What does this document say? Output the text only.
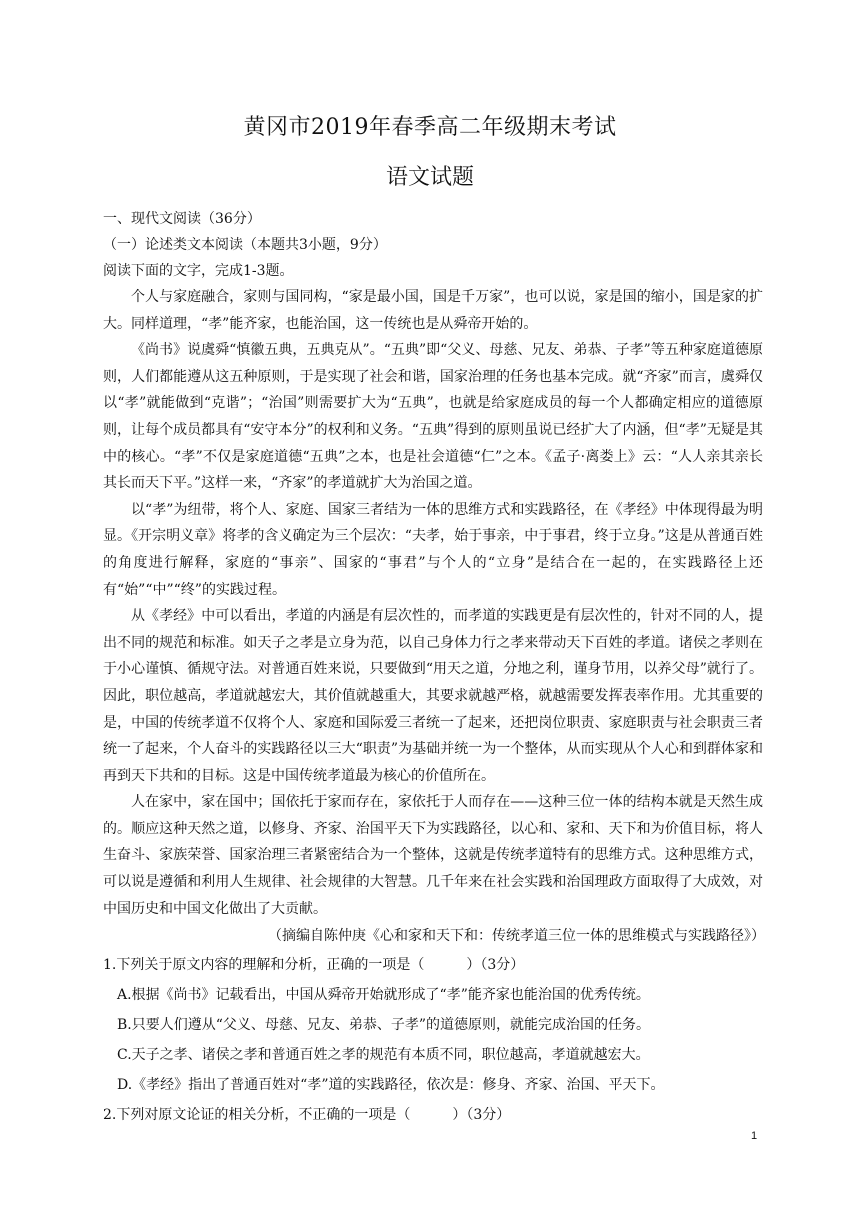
黄冈市2019年春季高二年级期末考试
语文试题
一、现代文阅读（36分）
（一）论述类文本阅读（本题共3小题，9分）
阅读下面的文字，完成1-3题。

个人与家庭融合，家则与国同构，“家是最小国，国是千万家”，也可以说，家是国的缩小，国是家的扩大。同样道理，“孝”能齐家，也能治国，这一传统也是从舜帝开始的。

《尚书》说虞舜“慎徽五典，五典克从”。“五典”即“父义、母慈、兄友、弟恭、子孝”等五种家庭道德原则，人们都能遵从这五种原则，于是实现了社会和谐，国家治理的任务也基本完成。就“齐家”而言，虞舜仅以“孝”就能做到“克谐”；“治国”则需要扩大为“五典”，也就是给家庭成员的每一个人都确定相应的道德原则，让每个成员都具有“安守本分”的权利和义务。“五典”得到的原则虽说已经扩大了内涵，但“孝”无疑是其中的核心。“孝”不仅是家庭道德“五典”之本，也是社会道德“仁”之本。《孟子·离娄上》云：“人人亲其亲长其长而天下平。”这样一来，“齐家”的孝道就扩大为治国之道。

以“孝”为纽带，将个人、家庭、国家三者结为一体的思维方式和实践路径，在《孝经》中体现得最为明显。《开宗明义章》将孝的含义确定为三个层次：“夫孝，始于事亲，中于事君，终于立身。”这是从普通百姓的角度进行解释，家庭的“事亲”、国家的“事君”与个人的“立身”是结合在一起的，在实践路径上还有“始”“中”“终”的实践过程。

从《孝经》中可以看出，孝道的内涵是有层次性的，而孝道的实践更是有层次性的，针对不同的人，提出不同的规范和标准。如天子之孝是立身为范，以自己身体力行之孝来带动天下百姓的孝道。诸侯之孝则在于小心谨慎、循规守法。对普通百姓来说，只要做到“用天之道，分地之利，谨身节用，以养父母”就行了。因此，职位越高，孝道就越宏大，其价值就越重大，其要求就越严格，就越需要发挥表率作用。尤其重要的是，中国的传统孝道不仅将个人、家庭和国际爱三者统一了起来，还把岗位职责、家庭职责与社会职责三者统一了起来，个人奋斗的实践路径以三大“职责”为基础并统一为一个整体，从而实现从个人心和到群体家和再到天下共和的目标。这是中国传统孝道最为核心的价值所在。

人在家中，家在国中；国依托于家而存在，家依托于人而存在——这种三位一体的结构本就是天然生成的。顺应这种天然之道，以修身、齐家、治国平天下为实践路径，以心和、家和、天下和为价值目标，将人生奋斗、家族荣誉、国家治理三者紧密结合为一个整体，这就是传统孝道特有的思维方式。这种思维方式，可以说是遵循和利用人生规律、社会规律的大智慧。几千年来在社会实践和治国理政方面取得了大成效，对中国历史和中国文化做出了大贡献。

（摘编自陈仲庚《心和家和天下和：传统孝道三位一体的思维模式与实践路径》）
1.下列关于原文内容的理解和分析，正确的一项是（　　　）（3分）
A.根据《尚书》记载看出，中国从舜帝开始就形成了“孝”能齐家也能治国的优秀传统。
B.只要人们遵从“父义、母慈、兄友、弟恭、子孝”的道德原则，就能完成治国的任务。
C.天子之孝、诸侯之孝和普通百姓之孝的规范有本质不同，职位越高，孝道就越宏大。
D.《孝经》指出了普通百姓对“孝”道的实践路径，依次是：修身、齐家、治国、平天下。
2.下列对原文论证的相关分析，不正确的一项是（　　　）（3分）
1
